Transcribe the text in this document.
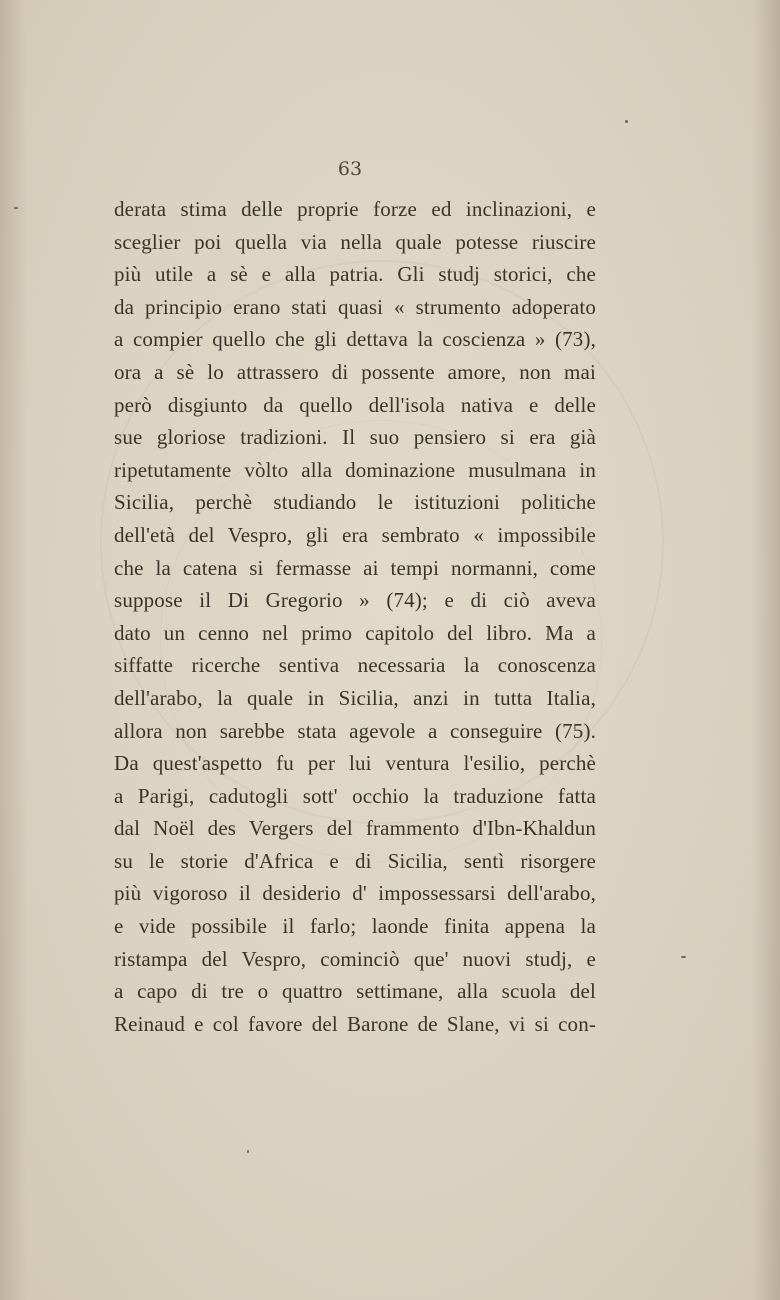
63
derata stima delle proprie forze ed inclinazioni, e
sceglier poi quella via nella quale potesse riuscire
più utile a sè e alla patria. Gli studj storici, che
da principio erano stati quasi « strumento adoperato
a compier quello che gli dettava la coscienza » (73),
ora a sè lo attrassero di possente amore, non mai
però disgiunto da quello dell'isola nativa e delle
sue gloriose tradizioni. Il suo pensiero si era già
ripetutamente vòlto alla dominazione musulmana in
Sicilia, perchè studiando le istituzioni politiche
dell'età del Vespro, gli era sembrato « impossibile
che la catena si fermasse ai tempi normanni, come
suppose il Di Gregorio » (74); e di ciò aveva
dato un cenno nel primo capitolo del libro. Ma a
siffatte ricerche sentiva necessaria la conoscenza
dell'arabo, la quale in Sicilia, anzi in tutta Italia,
allora non sarebbe stata agevole a conseguire (75).
Da quest'aspetto fu per lui ventura l'esilio, perchè
a Parigi, cadutogli sott' occhio la traduzione fatta
dal Noël des Vergers del frammento d'Ibn-Khaldun
su le storie d'Africa e di Sicilia, sentì risorgere
più vigoroso il desiderio d' impossessarsi dell'arabo,
e vide possibile il farlo; laonde finita appena la
ristampa del Vespro, cominciò que' nuovi studj, e
a capo di tre o quattro settimane, alla scuola del
Reinaud e col favore del Barone de Slane, vi si con-
